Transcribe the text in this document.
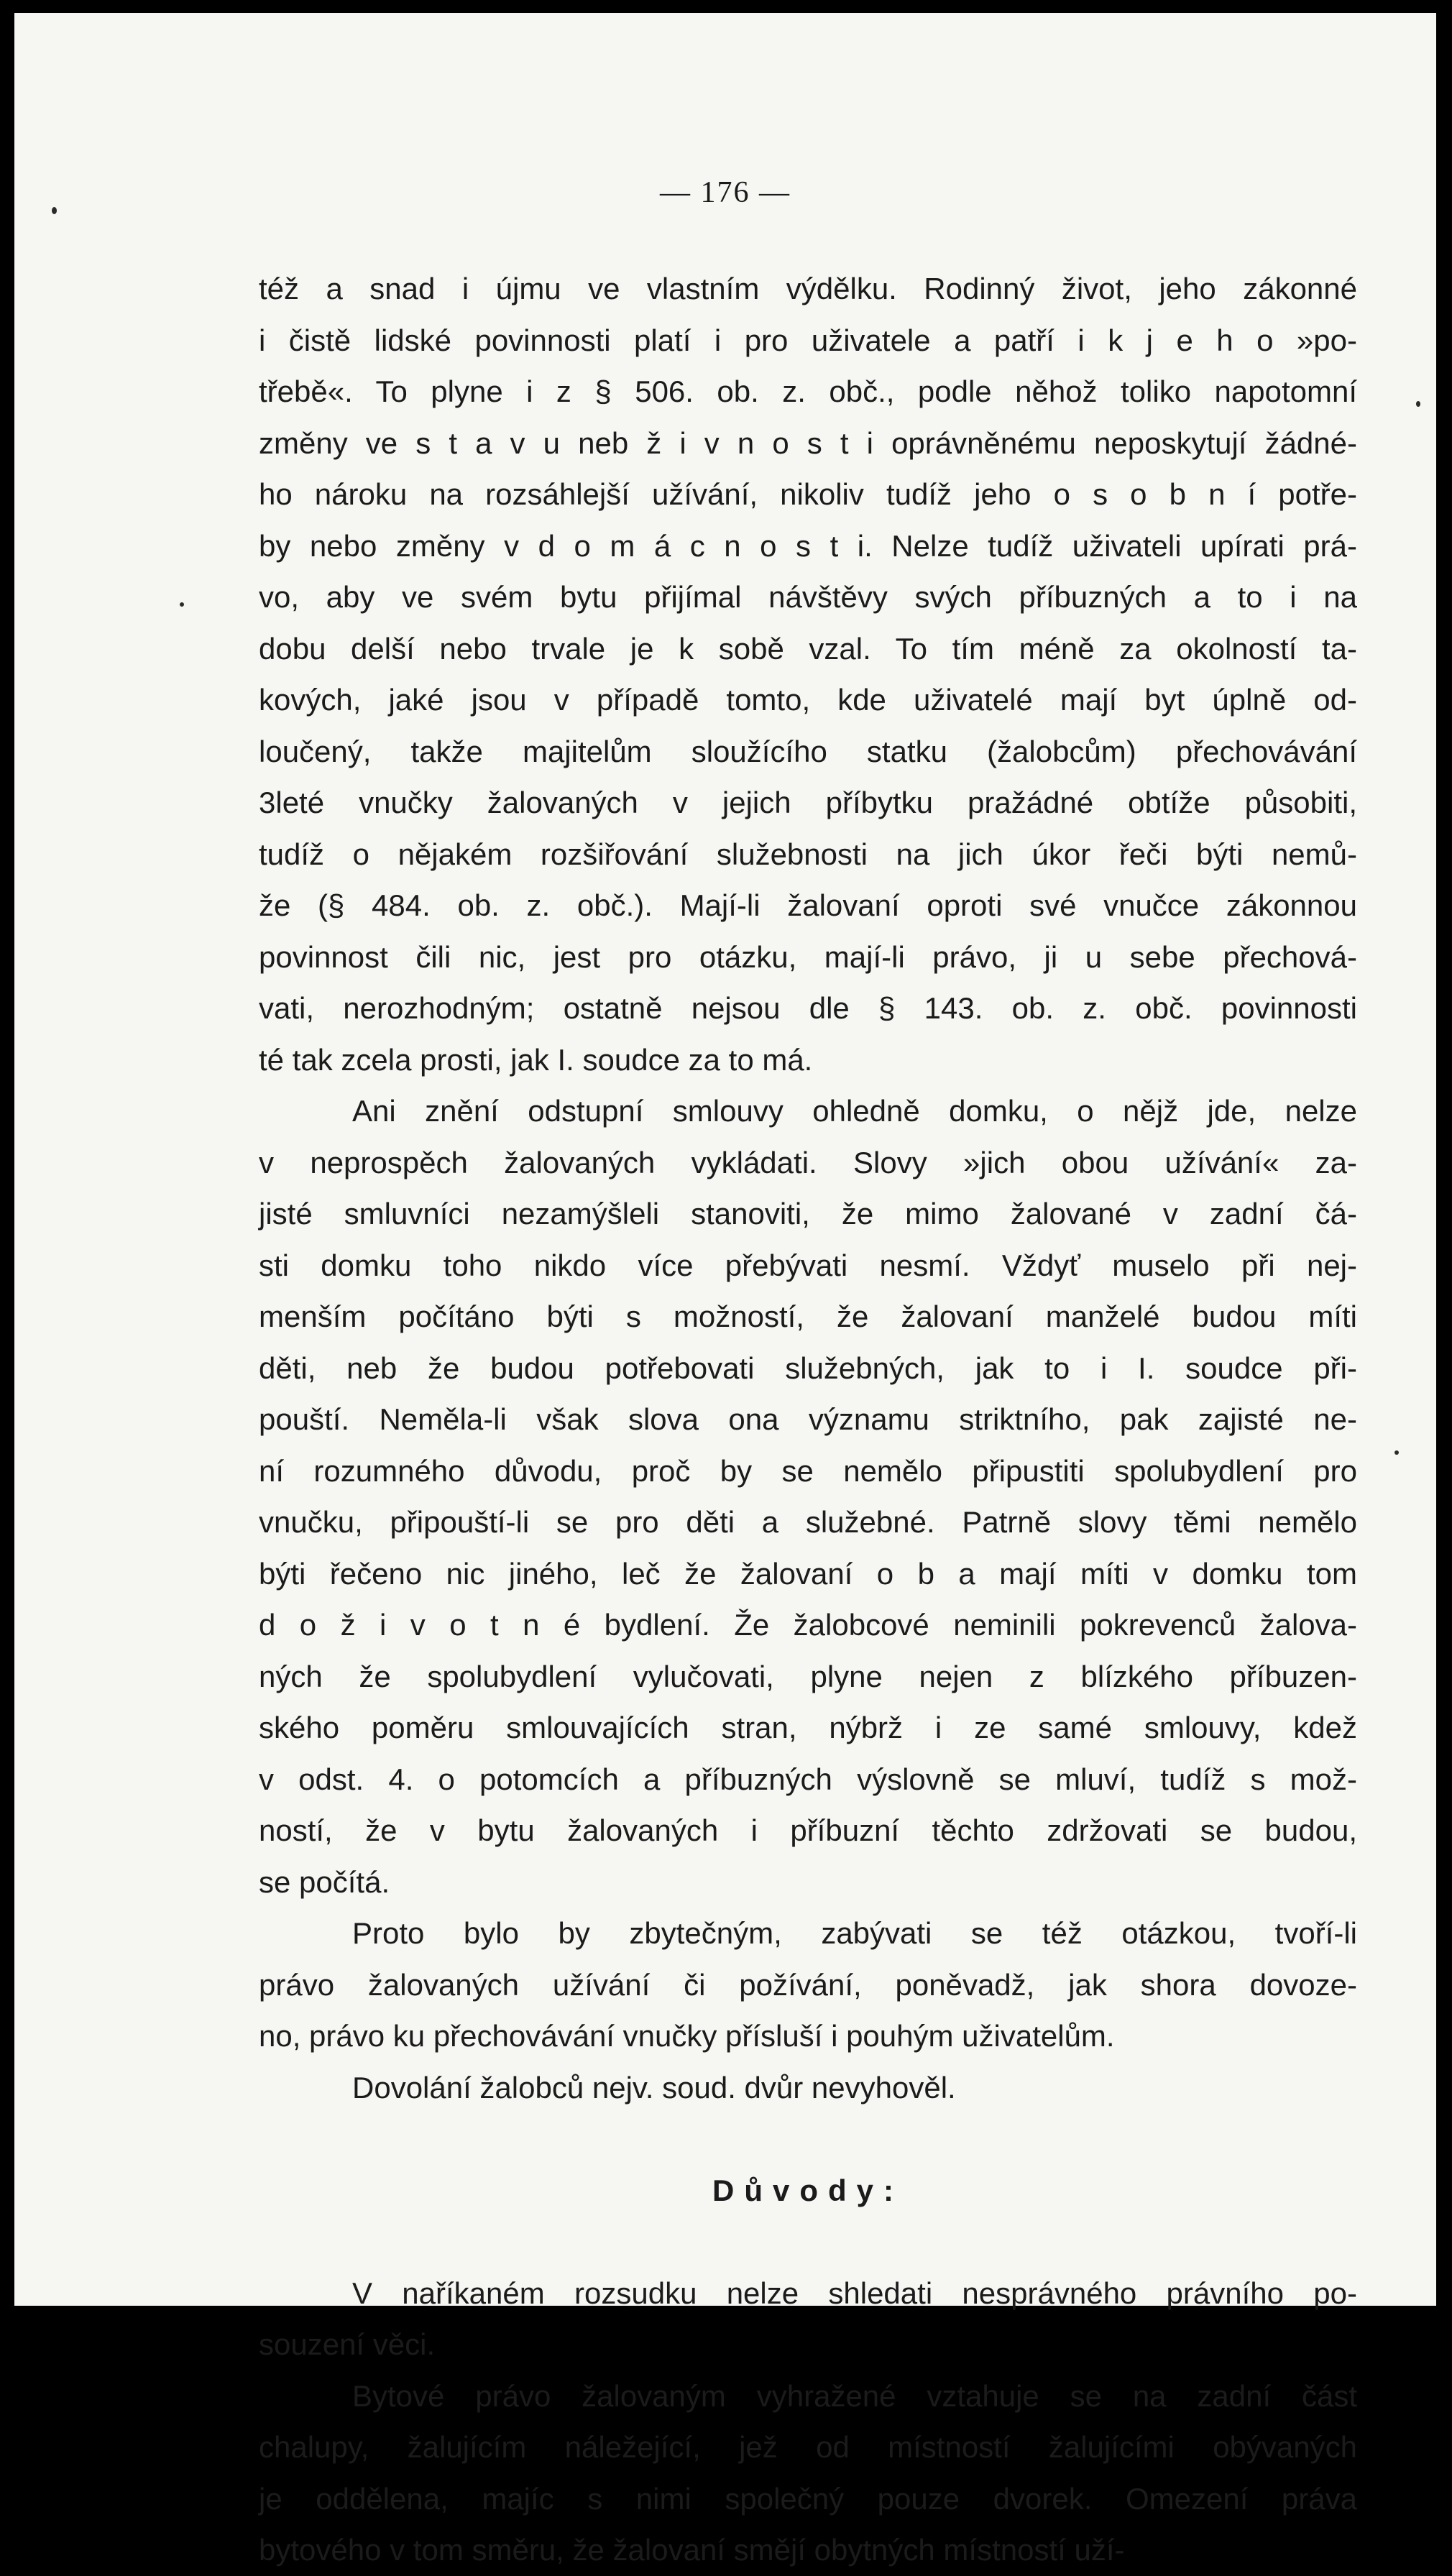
— 176 —
též a snad i újmu ve vlastním výdělku. Rodinný život, jeho zákonné
i čistě lidské povinnosti platí i pro uživatele a patří i k j e h o »po-
třebě«. To plyne i z § 506. ob. z. obč., podle něhož toliko napotomní
změny ve s t a v u neb ž i v n o s t i oprávněnému neposkytují žádné-
ho nároku na rozsáhlejší užívání, nikoliv tudíž jeho o s o b n í potře-
by nebo změny v d o m á c n o s t i. Nelze tudíž uživateli upírati prá-
vo, aby ve svém bytu přijímal návštěvy svých příbuzných a to i na
dobu delší nebo trvale je k sobě vzal. To tím méně za okolností ta-
kových, jaké jsou v případě tomto, kde uživatelé mají byt úplně od-
loučený, takže majitelům sloužícího statku (žalobcům) přechovávání
3leté vnučky žalovaných v jejich příbytku pražádné obtíže působiti,
tudíž o nějakém rozšiřování služebnosti na jich úkor řeči býti nemů-
že (§ 484. ob. z. obč.). Mají-li žalovaní oproti své vnučce zákonnou
povinnost čili nic, jest pro otázku, mají-li právo, ji u sebe přechová-
vati, nerozhodným; ostatně nejsou dle § 143. ob. z. obč. povinnosti
té tak zcela prosti, jak I. soudce za to má.
Ani znění odstupní smlouvy ohledně domku, o nějž jde, nelze
v neprospěch žalovaných vykládati. Slovy »jich obou užívání« za-
jisté smluvníci nezamýšleli stanoviti, že mimo žalované v zadní čá-
sti domku toho nikdo více přebývati nesmí. Vždyť muselo při nej-
menším počítáno býti s možností, že žalovaní manželé budou míti
děti, neb že budou potřebovati služebných, jak to i I. soudce při-
pouští. Neměla-li však slova ona významu striktního, pak zajisté ne-
ní rozumného důvodu, proč by se nemělo připustiti spolubydlení pro
vnučku, připouští-li se pro děti a služebné. Patrně slovy těmi nemělo
býti řečeno nic jiného, leč že žalovaní o b a mají míti v domku tom
d o ž i v o t n é bydlení. Že žalobcové neminili pokrevenců žalova-
ných že spolubydlení vylučovati, plyne nejen z blízkého příbuzen-
ského poměru smlouvajících stran, nýbrž i ze samé smlouvy, kdež
v odst. 4. o potomcích a příbuzných výslovně se mluví, tudíž s mož-
ností, že v bytu žalovaných i příbuzní těchto zdržovati se budou,
se počítá.
Proto bylo by zbytečným, zabývati se též otázkou, tvoří-li
právo žalovaných užívání či požívání, poněvadž, jak shora dovoze-
no, právo ku přechovávání vnučky přísluší i pouhým uživatelům.
Dovolání žalobců nejv. soud. dvůr nevyhověl.
Důvody:
V naříkaném rozsudku nelze shledati nesprávného právního po-
souzení věci.
Bytové právo žalovaným vyhražené vztahuje se na zadní část
chalupy, žalujícím náležející, jež od místností žalujícími obývaných
je oddělena, majíc s nimi společný pouze dvorek. Omezení práva
bytového v tom směru, že žalovaní smějí obytných místností uží-
